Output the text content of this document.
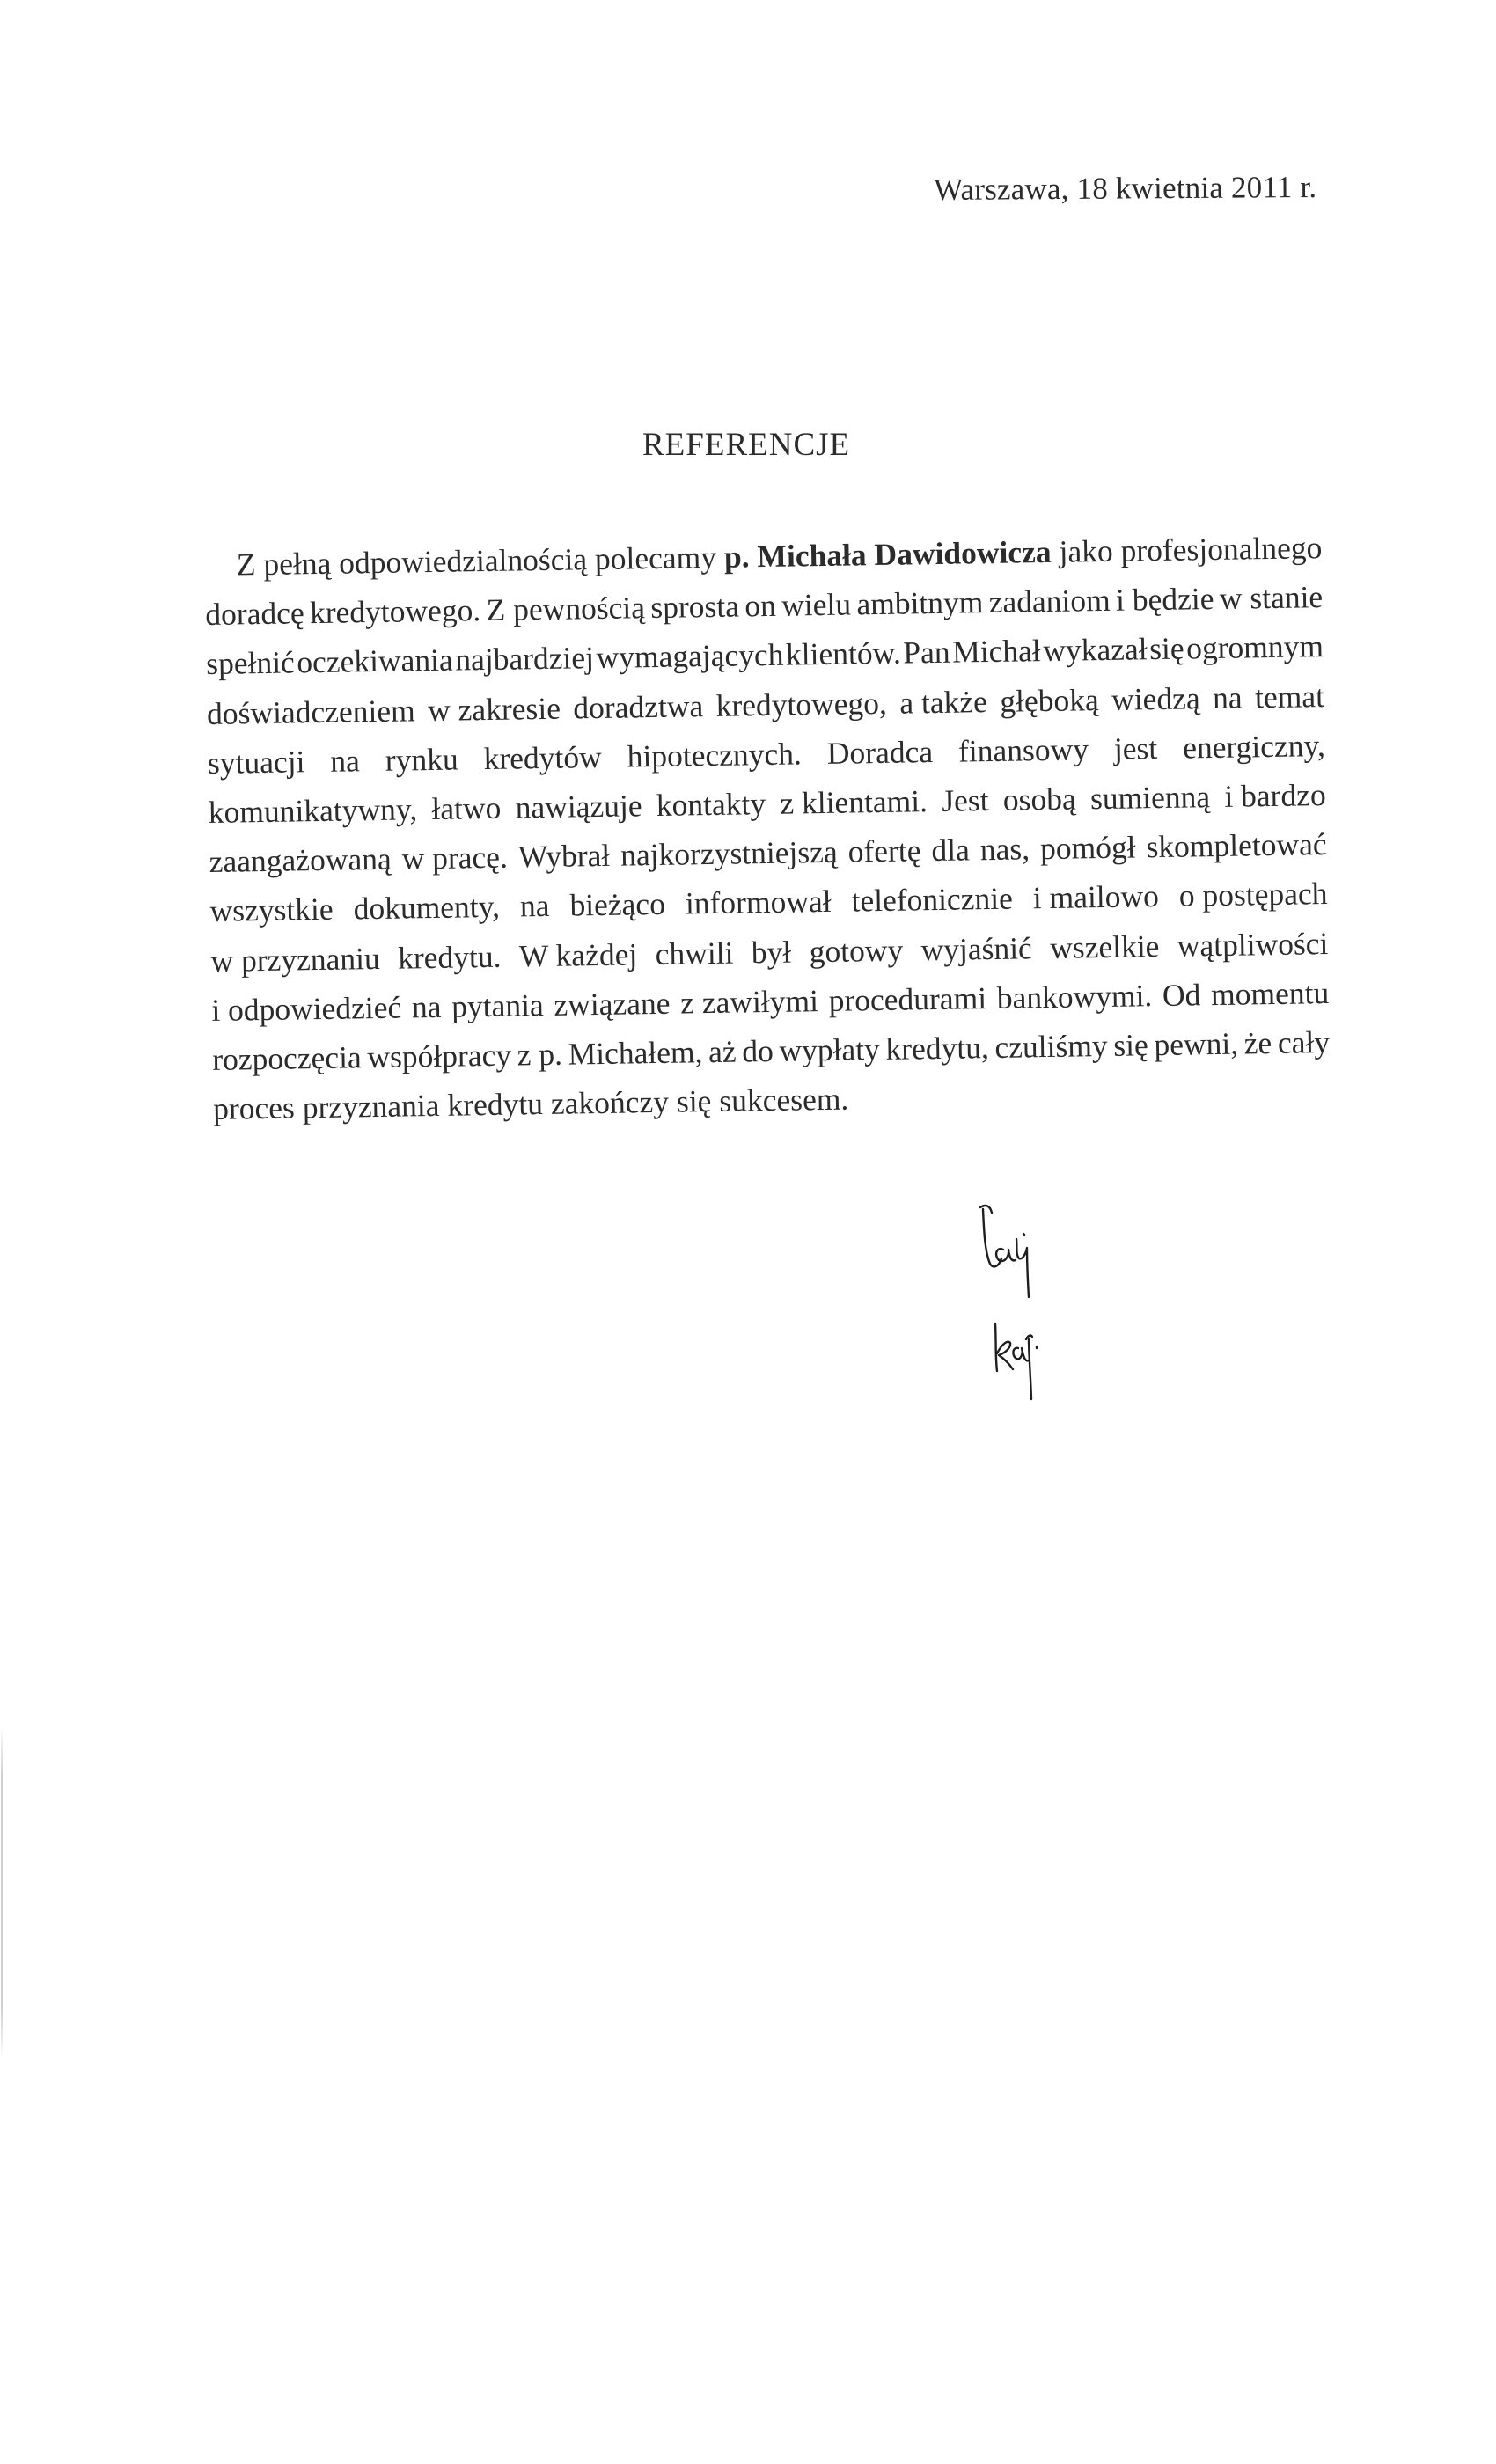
Warszawa, 18 kwietnia 2011 r.
REFERENCJE
Z pełną odpowiedzialnością polecamy p. Michała Dawidowicza jako profesjonalnego
doradcę kredytowego. Z pewnością sprosta on wielu ambitnym zadaniom i będzie w stanie
spełnić oczekiwania najbardziej wymagających klientów. Pan Michał wykazał się ogromnym
doświadczeniem w zakresie doradztwa kredytowego, a także głęboką wiedzą na temat
sytuacji na rynku kredytów hipotecznych. Doradca finansowy jest energiczny,
komunikatywny, łatwo nawiązuje kontakty z klientami. Jest osobą sumienną i bardzo
zaangażowaną w pracę. Wybrał najkorzystniejszą ofertę dla nas, pomógł skompletować
wszystkie dokumenty, na bieżąco informował telefonicznie i mailowo o postępach
w przyznaniu kredytu. W każdej chwili był gotowy wyjaśnić wszelkie wątpliwości
i odpowiedzieć na pytania związane z zawiłymi procedurami bankowymi. Od momentu
rozpoczęcia współpracy z p. Michałem, aż do wypłaty kredytu, czuliśmy się pewni, że cały
proces przyznania kredytu zakończy się sukcesem.
